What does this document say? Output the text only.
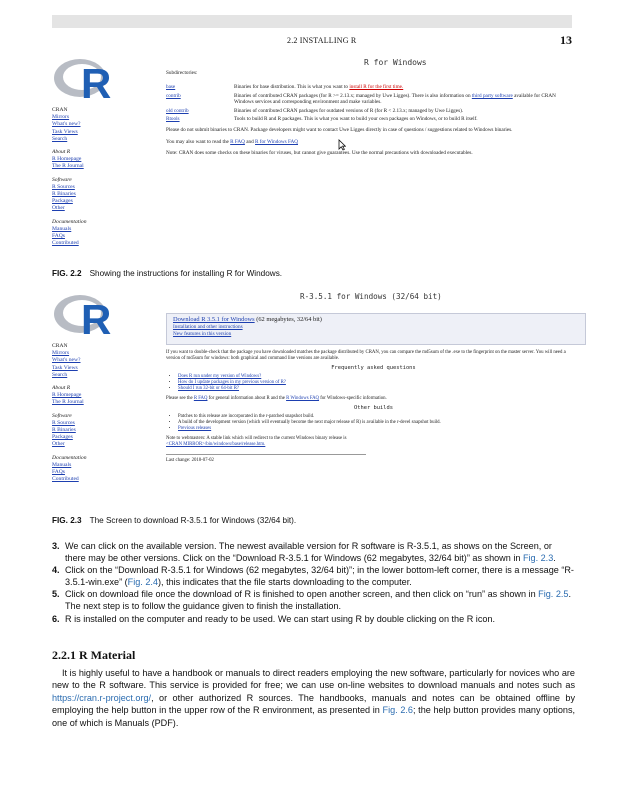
2.2 INSTALLING R	13
R	R for Windows
CRAN
Mirrors
What's new?
Task Views
Search
About R
R Homepage
The R Journal
Software
R Sources
R Binaries
Packages
Other
Documentation
Manuals
FAQs
Contributed
Subdirectories:
base	Binaries for base distribution. This is what you want to install R for the first time.
contrib	Binaries of contributed CRAN packages (for R >= 2.13.x; managed by Uwe Ligges). There is also information on third party software available for CRAN Windows services and corresponding environment and make variables.
old contrib	Binaries of contributed CRAN packages for outdated versions of R (for R < 2.13.x; managed by Uwe Ligges).
Rtools	Tools to build R and R packages. This is what you want to build your own packages on Windows, or to build R itself.
Please do not submit binaries to CRAN. Package developers might want to contact Uwe Ligges directly in case of questions / suggestions related to Windows binaries.
You may also want to read the R FAQ and R for Windows FAQ
Note: CRAN does some checks on these binaries for viruses, but cannot give guarantees. Use the normal precautions with downloaded executables.
FIG. 2.2 Showing the instructions for installing R for Windows.
R	R-3.5.1 for Windows (32/64 bit)
CRAN
Mirrors
What's new?
Task Views
Search
About R
R Homepage
The R Journal
Software
R Sources
R Binaries
Packages
Other
Documentation
Manuals
FAQs
Contributed
Download R 3.5.1 for Windows (62 megabytes, 32/64 bit)
Installation and other instructions
New features in this version
If you want to double-check that the package you have downloaded matches the package distributed by CRAN, you can compare the md5sum of the .exe to the fingerprint on the master server. You will need a version of md5sum for windows: both graphical and command line versions are available.
Frequently asked questions
• Does R run under my version of Windows?
• How do I update packages in my previous version of R?
• Should I run 32-bit or 64-bit R?
Please see the R FAQ for general information about R and the R Windows FAQ for Windows-specific information.
Other builds
• Patches to this release are incorporated in the r-patched snapshot build.
• A build of the development version (which will eventually become the next major release of R) is available in the r-devel snapshot build.
• Previous releases
Note to webmasters: A stable link which will redirect to the current Windows binary release is
<CRAN MIRROR>/bin/windows/base/release.htm.
Last change: 2018-07-02
FIG. 2.3 The Screen to download R-3.5.1 for Windows (32/64 bit).
3. We can click on the available version. The newest available version for R software is R-3.5.1, as shows on the Screen, or there may be other versions. Click on the “Download R-3.5.1 for Windows (62 megabytes, 32/64 bit)” as shown in Fig. 2.3.
4. Click on the “Download R-3.5.1 for Windows (62 megabytes, 32/64 bit)”; in the lower bottom-left corner, there is a message “R-3.5.1-win.exe” (Fig. 2.4), this indicates that the file starts downloading to the computer.
5. Click on download file once the download of R is finished to open another screen, and then click on “run” as shown in Fig. 2.5. The next step is to follow the guidance given to finish the installation.
6. R is installed on the computer and ready to be used. We can start using R by double clicking on the R icon.
2.2.1 R Material
It is highly useful to have a handbook or manuals to direct readers employing the new software, particularly for novices who are new to the R software. This service is provided for free; we can use on-line websites to download manuals and notes such as https://cran.r-project.org/, or other authorized R sources. The handbooks, manuals and notes can be obtained offline by employing the help button in the upper row of the R environment, as presented in Fig. 2.6; the help button provides many options, one of which is Manuals (PDF).
